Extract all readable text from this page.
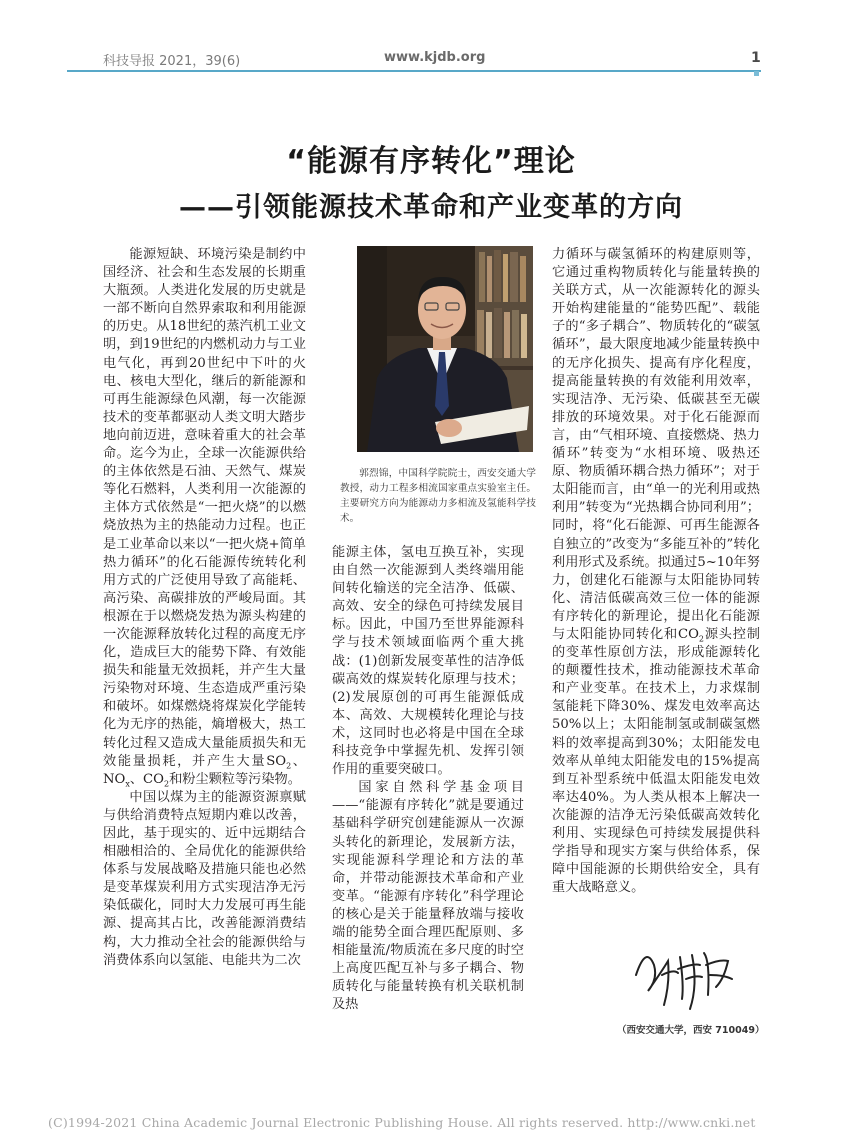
科技导报 2021，39(6)	www.kjdb.org	1
“能源有序转化”理论
——引领能源技术革命和产业变革的方向

能源短缺、环境污染是制约中国经济、社会和生态发展的长期重大瓶颈。人类进化发展的历史就是一部不断向自然界索取和利用能源的历史。从18世纪的蒸汽机工业文明，到19世纪的内燃机动力与工业电气化，再到20世纪中下叶的火电、核电大型化，继后的新能源和可再生能源绿色风潮，每一次能源技术的变革都驱动人类文明大踏步地向前迈进，意味着重大的社会革命。迄今为止，全球一次能源供给的主体依然是石油、天然气、煤炭等化石燃料，人类利用一次能源的主体方式依然是“一把火烧”的以燃烧放热为主的热能动力过程。也正是工业革命以来以“一把火烧+简单热力循环”的化石能源传统转化利用方式的广泛使用导致了高能耗、高污染、高碳排放的严峻局面。其根源在于以燃烧发热为源头构建的一次能源释放转化过程的高度无序化，造成巨大的能势下降、有效能损失和能量无效损耗，并产生大量污染物对环境、生态造成严重污染和破坏。如煤燃烧将煤炭化学能转化为无序的热能，熵增极大，热工转化过程又造成大量能质损失和无效能量损耗，并产生大量$SO_2$、$NO_x$、$CO_2$和粉尘颗粒等污染物。

中国以煤为主的能源资源禀赋与供给消费特点短期内难以改善，因此，基于现实的、近中远期结合相融相洽的、全局优化的能源供给体系与发展战略及措施只能也必然是变革煤炭利用方式实现洁净无污染低碳化，同时大力发展可再生能源、提高其占比，改善能源消费结构，大力推动全社会的能源供给与消费体系向以氢能、电能共为二次

郭烈锦，中国科学院院士，西安交通大学教授，动力工程多相流国家重点实验室主任。主要研究方向为能源动力多相流及氢能科学技术。

能源主体，氢电互换互补，实现由自然一次能源到人类终端用能间转化输送的完全洁净、低碳、高效、安全的绿色可持续发展目标。因此，中国乃至世界能源科学与技术领域面临两个重大挑战：(1)创新发展变革性的洁净低碳高效的煤炭转化原理与技术；(2)发展原创的可再生能源低成本、高效、大规模转化理论与技术，这同时也必将是中国在全球科技竞争中掌握先机、发挥引领作用的重要突破口。

国家自然科学基金项目——“能源有序转化”就是要通过基础科学研究创建能源从一次源头转化的新理论，发展新方法，实现能源科学理论和方法的革命，并带动能源技术革命和产业变革。“能源有序转化”科学理论的核心是关于能量释放端与接收端的能势全面合理匹配原则、多相能量流/物质流在多尺度的时空上高度匹配互补与多子耦合、物质转化与能量转换有机关联机制及热

力循环与碳氢循环的构建原则等，它通过重构物质转化与能量转换的关联方式，从一次能源转化的源头开始构建能量的“能势匹配”、载能子的“多子耦合”、物质转化的“碳氢循环”，最大限度地减少能量转换中的无序化损失、提高有序化程度，提高能量转换的有效能利用效率，实现洁净、无污染、低碳甚至无碳排放的环境效果。对于化石能源而言，由“气相环境、直接燃烧、热力循环”转变为“水相环境、吸热还原、物质循环耦合热力循环”；对于太阳能而言，由“单一的光利用或热利用”转变为“光热耦合协同利用”；同时，将“化石能源、可再生能源各自独立的”改变为“多能互补的”转化利用形式及系统。拟通过5~10年努力，创建化石能源与太阳能协同转化、清洁低碳高效三位一体的能源有序转化的新理论，提出化石能源与太阳能协同转化和$CO_2$源头控制的变革性原创方法，形成能源转化的颠覆性技术，推动能源技术革命和产业变革。在技术上，力求煤制氢能耗下降30%、煤发电效率高达50%以上；太阳能制氢或制碳氢燃料的效率提高到30%；太阳能发电效率从单纯太阳能发电的15%提高到互补型系统中低温太阳能发电效率达40%。为人类从根本上解决一次能源的洁净无污染低碳高效转化利用、实现绿色可持续发展提供科学指导和现实方案与供给体系，保障中国能源的长期供给安全，具有重大战略意义。

（西安交通大学，西安 710049）
(C)1994-2021 China Academic Journal Electronic Publishing House. All rights reserved. http://www.cnki.net
